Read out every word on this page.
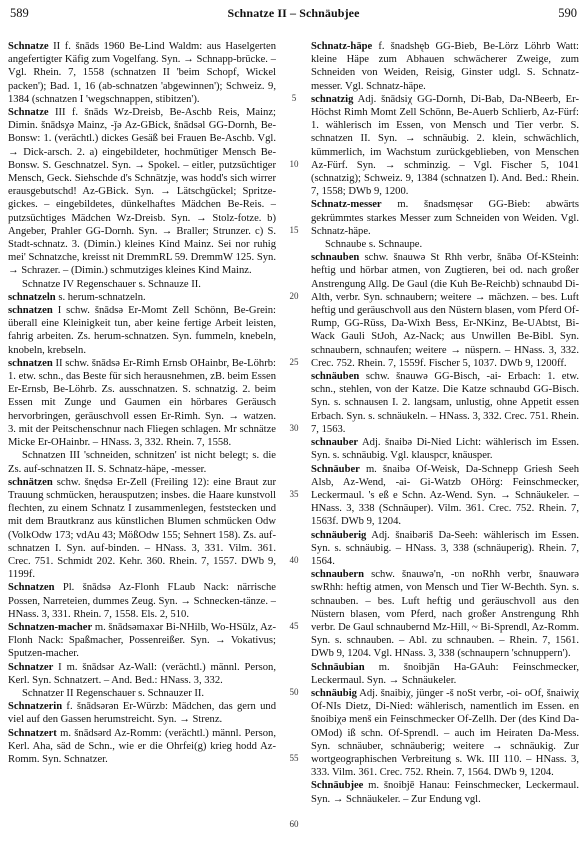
589	Schnatze II – Schnäubjee	590

Schnatze II f. šnāds 1960 Be-Lind Waldm: aus Haselgerten angefertigter Käfig zum Vogelfang. Syn. → Schnapp-brücke. – Vgl. Rhein. 7, 1558 (schnatzen II 'beim Schopf, Wickel packen'); Bad. 1, 16 (ab-schnatzen 'abgewinnen'); Schweiz. 9, 1384 (schnatzen I 'wegschnappen, stibitzen').

Schnatze III f. šnāds Wz-Dreisb, Be-Aschb Reis, Mainz; Dimin. šnādsχə Mainz, -ǰə Az-GBick, šnādsəl GG-Dornh, Be-Bonsw: 1. (verächtl.) dickes Gesäß bei Frauen Be-Aschb. Vgl. → Dick-arsch. 2. a) eingebildeter, hochmütiger Mensch Be-Bonsw. S. Geschnatzel. Syn. → Spokel. – eitler, putzsüchtiger Mensch, Geck. Siehschde d's Schnätzje, was hodd's sich wirrer erausgebutschd! Az-GBick. Syn. → Lätschgückel; Spritze-gickes. – eingebildetes, dünkelhaftes Mädchen Be-Reis. – putzsüchtiges Mädchen Wz-Dreisb. Syn. → Stolz-fotze. b) Angeber, Prahler GG-Dornh. Syn. → Braller; Strunzer. c) S. Stadt-schnatz. 3. (Dimin.) kleines Kind Mainz. Sei nor ruhig mei' Schnatzche, kreisst nit DremmRL 59. DremmW 125. Syn. → Schrazer. – (Dimin.) schmutziges kleines Kind Mainz.

Schnatze IV Regenschauer s. Schnauze II.

schnatzeln s. herum-schnatzeln.

schnatzen I schw. šnādsə Er-Momt Zell Schönn, Be-Grein: überall eine Kleinigkeit tun, aber keine fertige Arbeit leisten, fahrig arbeiten. Zs. herum-schnatzen. Syn. fummeln, knebeln, knobeln, krebseln.

schnatzen II schw. šnādsə Er-Rimh Ernsb OHainbr, Be-Löhrb: 1. etw. schn., das Beste für sich herausnehmen, zB. beim Essen Er-Ernsb, Be-Löhrb. Zs. ausschnatzen. S. schnatzig. 2. beim Essen mit Zunge und Gaumen ein hörbares Geräusch hervorbringen, geräuschvoll essen Er-Rimh. Syn. → watzen. 3. mit der Peitschenschnur nach Fliegen schlagen. Mr schnätze Micke Er-OHainbr. – HNass. 3, 332. Rhein. 7, 1558.

Schnatzen III 'schneiden, schnitzen' ist nicht belegt; s. die Zs. auf-schnatzen II. S. Schnatz-häpe, -messer.

schnätzen schw. šnędsə Er-Zell (Freiling 12): eine Braut zur Trauung schmücken, herausputzen; insbes. die Haare kunstvoll flechten, zu einem Schnatz I zusammenlegen, feststecken und mit dem Brautkranz aus künstlichen Blumen schmücken Odw (VolkOdw 173; vdAu 43; MößOdw 155; Sehnert 158). Zs. auf-schnatzen I. Syn. auf-binden. – HNass. 3, 331. Vilm. 361. Crec. 751. Schmidt 202. Kehr. 360. Rhein. 7, 1557. DWb 9, 1199f.

Schnatzen Pl. šnādsə Az-Flonh FLaub Nack: närrische Possen, Narreteien, dummes Zeug. Syn. → Schnecken-tänze. – HNass. 3, 331. Rhein. 7, 1558. Els. 2, 510.

Schnatzen-macher m. šnādsəmaxər Bi-NHilb, Wo-HSülz, Az-Flonh Nack: Spaßmacher, Possenreißer. Syn. → Vokativus; Sputzen-macher.

Schnatzer I m. šnādsər Az-Wall: (verächtl.) männl. Person, Kerl. Syn. Schnatzert. – And. Bed.: HNass. 3, 332.

Schnatzer II Regenschauer s. Schnauzer II.

Schnatzerin f. šnādsərən Er-Würzb: Mädchen, das gern und viel auf den Gassen herumstreicht. Syn. → Strenz.

Schnatzert m. šnādsərd Az-Romm: (verächtl.) männl. Person, Kerl. Aha, säd de Schn., wie er die Ohrfei(g) krieg hodd Az-Romm. Syn. Schnatzer.

5
10
15
20
25
30
35
40
45
50
55
60

Schnatz-häpe f. šnadshęb GG-Bieb, Be-Lörz Löhrb Watt: kleine Häpe zum Abhauen schwächerer Zweige, zum Schneiden von Weiden, Reisig, Ginster udgl. S. Schnatz-messer. Vgl. Schnatz-häpe.

schnatzig Adj. šnādsiχ GG-Dornh, Di-Bab, Da-NBeerb, Er-Höchst Rimh Momt Zell Schönn, Be-Auerb Schlierb, Az-Fürf: 1. wählerisch im Essen, von Mensch und Tier verbr. S. schnatzen II. Syn. → schnäubig. 2. klein, schwächlich, kümmerlich, im Wachstum zurückgeblieben, von Menschen Az-Fürf. Syn. → schminzig. – Vgl. Fischer 5, 1041 (schnatzig); Schweiz. 9, 1384 (schnatzen I). And. Bed.: Rhein. 7, 1558; DWb 9, 1200.

Schnatz-messer m. šnadsmęsər GG-Bieb: abwärts gekrümmtes starkes Messer zum Schneiden von Weiden. Vgl. Schnatz-häpe.

Schnaube s. Schnaupe.

schnauben schw. šnauwə St Rhh verbr, šnābə Of-KSteinh: heftig und hörbar atmen, von Zugtieren, bei od. nach großer Anstrengung Allg. De Gaul (die Kuh Be-Reichb) schnaubd Di-Alth, verbr. Syn. schnaubern; weitere → mächzen. – bes. Luft heftig und geräuschvoll aus den Nüstern blasen, vom Pferd Of-Rump, GG-Rüss, Da-Wixh Bess, Er-NKinz, Be-UAbtst, Bi-Wack Gauli StJoh, Az-Nack; aus Unwillen Be-Bibl. Syn. schnaubern, schnaufen; weitere → nüspern. – HNass. 3, 332. Crec. 752. Rhein. 7, 1559f. Fischer 5, 1037. DWb 9, 1200ff.

schnäuben schw. šnauwə GG-Bisch, -ai- Erbach: 1. etw. schn., stehlen, von der Katze. Die Katze schnaubd GG-Bisch. Syn. s. schnausen I. 2. langsam, unlustig, ohne Appetit essen Erbach. Syn. s. schnäukeln. – HNass. 3, 332. Crec. 751. Rhein. 7, 1563.

schnauber Adj. šnaibə Di-Nied Licht: wählerisch im Essen. Syn. s. schnäubig. Vgl. klauspcr, knäusper.

Schnäuber m. šnaibə Of-Weisk, Da-Schnepp Griesh Seeh Alsb, Az-Wend, -ai- Gi-Watzb OHörg: Feinschmecker, Leckermaul. 's eß e Schn. Az-Wend. Syn. → Schnäukeler. – HNass. 3, 338 (Schnäuper). Vilm. 361. Crec. 752. Rhein. 7, 1563f. DWb 9, 1204.

schnäuberig Adj. šnaibəriš Da-Seeh: wählerisch im Essen. Syn. s. schnäubig. – HNass. 3, 338 (schnäuperig). Rhein. 7, 1564.

schnaubern schw. šnauwə'n, -ʋn noRhh verbr, šnauwərə swRhh: heftig atmen, von Mensch und Tier W-Bechth. Syn. s. schnauben. – bes. Luft heftig und geräuschvoll aus den Nüstern blasen, vom Pferd, nach großer Anstrengung Rhh verbr. De Gaul schnaubernd Mz-Hill, ~ Bi-Sprendl, Az-Romm. Syn. s. schnauben. – Abl. zu schnauben. – Rhein. 7, 1561. DWb 9, 1204. Vgl. HNass. 3, 338 (schnaupern 'schnuppern').

Schnäubian m. šnoibjān Ha-GAuh: Feinschmecker, Leckermaul. Syn. → Schnäukeler.

schnäubig Adj. šnaibiχ, jünger -š noSt verbr, -oi- oOf, šnaiwiχ Of-NIs Dietz, Di-Nied: wählerisch, namentlich im Essen. en šnoibiχə menš ein Feinschmecker Of-Zellh. Der (des Kind Da-OMod) iß schn. Of-Sprendl. – auch im Heiraten Da-Mess. Syn. schnäuber, schnäuberig; weitere → schnäukig. Zur wortgeographischen Verbreitung s. Wk. III 110. – HNass. 3, 333. Vilm. 361. Crec. 752. Rhein. 7, 1564. DWb 9, 1204.

Schnäubjee m. šnoibjē Hanau: Feinschmecker, Leckermaul. Syn. → Schnäukeler. – Zur Endung vgl.
